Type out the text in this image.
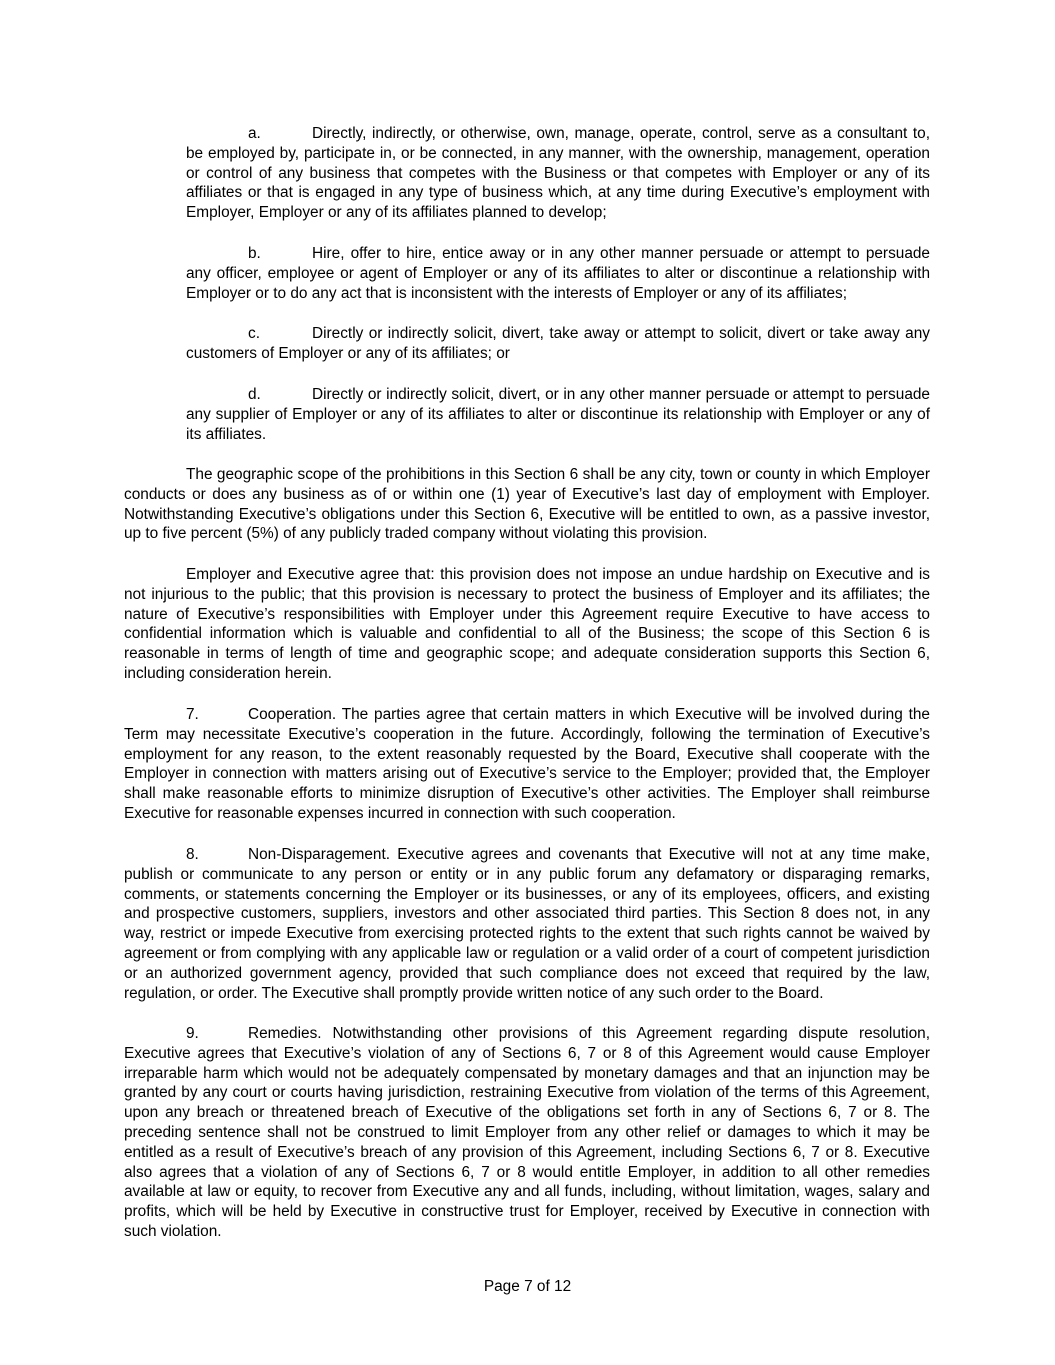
a.	Directly, indirectly, or otherwise, own, manage, operate, control, serve as a consultant to, be employed by, participate in, or be connected, in any manner, with the ownership, management, operation or control of any business that competes with the Business or that competes with Employer or any of its affiliates or that is engaged in any type of business which, at any time during Executive’s employment with Employer, Employer or any of its affiliates planned to develop;

b.	Hire, offer to hire, entice away or in any other manner persuade or attempt to persuade any officer, employee or agent of Employer or any of its affiliates to alter or discontinue a relationship with Employer or to do any act that is inconsistent with the interests of Employer or any of its affiliates;

c.	Directly or indirectly solicit, divert, take away or attempt to solicit, divert or take away any customers of Employer or any of its affiliates; or

d.	Directly or indirectly solicit, divert, or in any other manner persuade or attempt to persuade any supplier of Employer or any of its affiliates to alter or discontinue its relationship with Employer or any of its affiliates.

The geographic scope of the prohibitions in this Section 6 shall be any city, town or county in which Employer conducts or does any business as of or within one (1) year of Executive’s last day of employment with Employer. Notwithstanding Executive’s obligations under this Section 6, Executive will be entitled to own, as a passive investor, up to five percent (5%) of any publicly traded company without violating this provision.

Employer and Executive agree that: this provision does not impose an undue hardship on Executive and is not injurious to the public; that this provision is necessary to protect the business of Employer and its affiliates; the nature of Executive’s responsibilities with Employer under this Agreement require Executive to have access to confidential information which is valuable and confidential to all of the Business; the scope of this Section 6 is reasonable in terms of length of time and geographic scope; and adequate consideration supports this Section 6, including consideration herein.

7.	Cooperation. The parties agree that certain matters in which Executive will be involved during the Term may necessitate Executive’s cooperation in the future. Accordingly, following the termination of Executive’s employment for any reason, to the extent reasonably requested by the Board, Executive shall cooperate with the Employer in connection with matters arising out of Executive’s service to the Employer; provided that, the Employer shall make reasonable efforts to minimize disruption of Executive’s other activities. The Employer shall reimburse Executive for reasonable expenses incurred in connection with such cooperation.

8.	Non-Disparagement. Executive agrees and covenants that Executive will not at any time make, publish or communicate to any person or entity or in any public forum any defamatory or disparaging remarks, comments, or statements concerning the Employer or its businesses, or any of its employees, officers, and existing and prospective customers, suppliers, investors and other associated third parties. This Section 8 does not, in any way, restrict or impede Executive from exercising protected rights to the extent that such rights cannot be waived by agreement or from complying with any applicable law or regulation or a valid order of a court of competent jurisdiction or an authorized government agency, provided that such compliance does not exceed that required by the law, regulation, or order. The Executive shall promptly provide written notice of any such order to the Board.

9.	Remedies. Notwithstanding other provisions of this Agreement regarding dispute resolution, Executive agrees that Executive’s violation of any of Sections 6, 7 or 8 of this Agreement would cause Employer irreparable harm which would not be adequately compensated by monetary damages and that an injunction may be granted by any court or courts having jurisdiction, restraining Executive from violation of the terms of this Agreement, upon any breach or threatened breach of Executive of the obligations set forth in any of Sections 6, 7 or 8. The preceding sentence shall not be construed to limit Employer from any other relief or damages to which it may be entitled as a result of Executive’s breach of any provision of this Agreement, including Sections 6, 7 or 8. Executive also agrees that a violation of any of Sections 6, 7 or 8 would entitle Employer, in addition to all other remedies available at law or equity, to recover from Executive any and all funds, including, without limitation, wages, salary and profits, which will be held by Executive in constructive trust for Employer, received by Executive in connection with such violation.

Page 7 of 12
